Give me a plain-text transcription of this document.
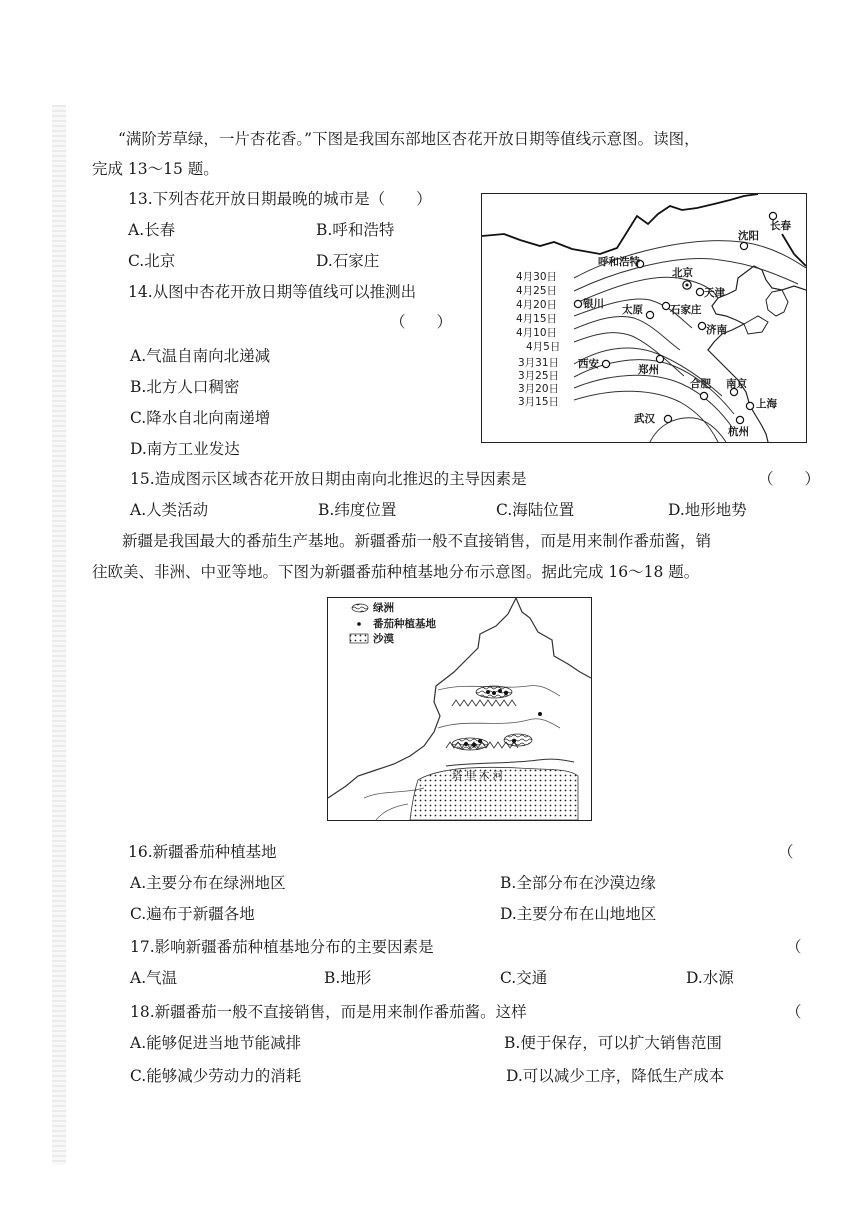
“满阶芳草绿，一片杏花香。”下图是我国东部地区杏花开放日期等值线示意图。读图，
完成 13～15 题。
13.下列杏花开放日期最晚的城市是（　　）
A.长春	B.呼和浩特
C.北京	D.石家庄
14.从图中杏花开放日期等值线可以推测出
（　　）
A.气温自南向北递减
B.北方人口稠密
C.降水自北向南递增
D.南方工业发达
4月30日
4月25日
4月20日
4月15日
4月10日
4月5日
3月31日
3月25日
3月20日
3月15日
长春
沈阳
呼和浩特
北京
天津
银川 太原	石家庄
济南
西安	郑州
合肥 南京
上海
武汉
杭州
15.造成图示区域杏花开放日期由南向北推迟的主导因素是	（　　）
A.人类活动	B.纬度位置	C.海陆位置	D.地形地势
新疆是我国最大的番茄生产基地。新疆番茄一般不直接销售，而是用来制作番茄酱，销
往欧美、非洲、中亚等地。下图为新疆番茄种植基地分布示意图。据此完成 16～18 题。
绿洲
番茄种植基地
沙漠
塔里木河
16.新疆番茄种植基地	（
A.主要分布在绿洲地区	B.全部分布在沙漠边缘
C.遍布于新疆各地	D.主要分布在山地地区
17.影响新疆番茄种植基地分布的主要因素是	（
A.气温	B.地形	C.交通	D.水源
18.新疆番茄一般不直接销售，而是用来制作番茄酱。这样	（
A.能够促进当地节能减排	B.便于保存，可以扩大销售范围
C.能够减少劳动力的消耗	D.可以减少工序，降低生产成本
